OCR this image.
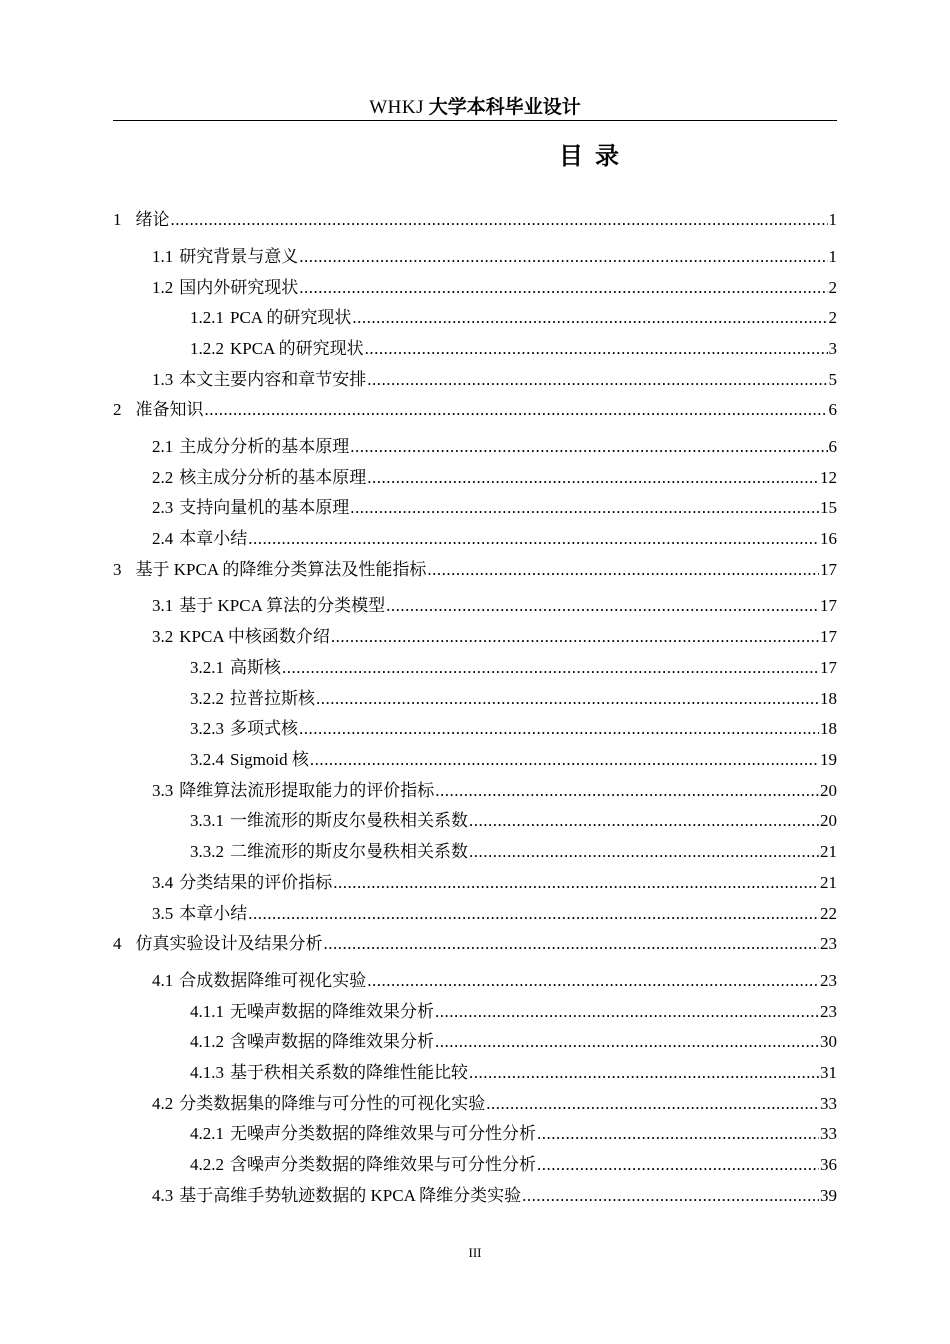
WHKJ 大学本科毕业设计
目录
1 绪论 .....	1
1.1 研究背景与意义 .....	1
1.2 国内外研究现状 .....	2
1.2.1 PCA 的研究现状 .....	2
1.2.2 KPCA 的研究现状 .....	3
1.3 本文主要内容和章节安排 .....	5
2 准备知识 .....	6
2.1 主成分分析的基本原理 .....	6
2.2 核主成分分析的基本原理 .....	12
2.3 支持向量机的基本原理 .....	15
2.4 本章小结 .....	16
3 基于 KPCA 的降维分类算法及性能指标 .....	17
3.1 基于 KPCA 算法的分类模型 .....	17
3.2 KPCA 中核函数介绍 .....	17
3.2.1 高斯核 .....	17
3.2.2 拉普拉斯核 .....	18
3.2.3 多项式核 .....	18
3.2.4 Sigmoid 核 .....	19
3.3 降维算法流形提取能力的评价指标 .....	20
3.3.1 一维流形的斯皮尔曼秩相关系数 .....	20
3.3.2 二维流形的斯皮尔曼秩相关系数 .....	21
3.4 分类结果的评价指标 .....	21
3.5 本章小结 .....	22
4 仿真实验设计及结果分析 .....	23
4.1 合成数据降维可视化实验 .....	23
4.1.1 无噪声数据的降维效果分析 .....	23
4.1.2 含噪声数据的降维效果分析 .....	30
4.1.3 基于秩相关系数的降维性能比较 .....	31
4.2 分类数据集的降维与可分性的可视化实验 .....	33
4.2.1 无噪声分类数据的降维效果与可分性分析 .....	33
4.2.2 含噪声分类数据的降维效果与可分性分析 .....	36
4.3 基于高维手势轨迹数据的 KPCA 降维分类实验 .....	39
III
